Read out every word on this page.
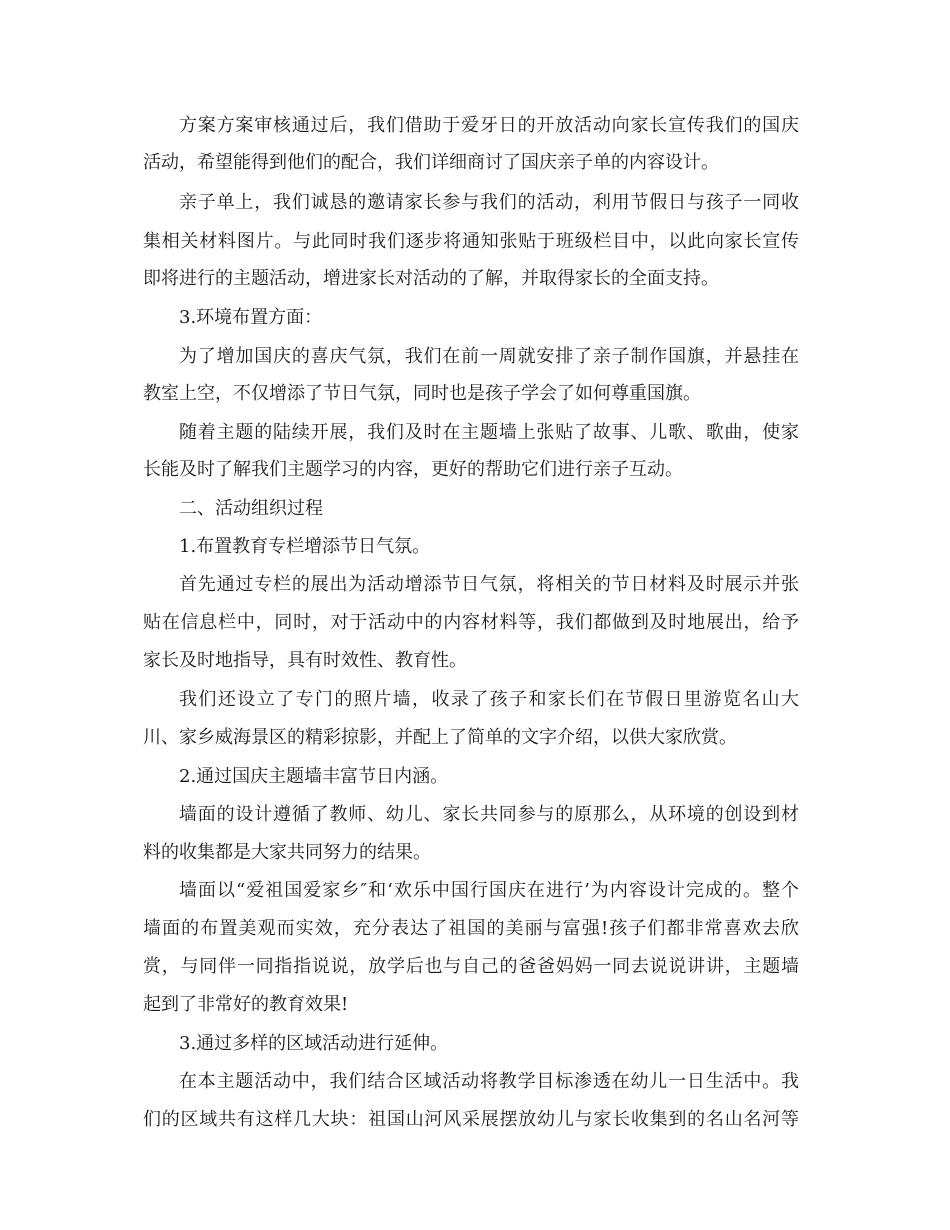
方案方案审核通过后，我们借助于爱牙日的开放活动向家长宣传我们的国庆
活动，希望能得到他们的配合，我们详细商讨了国庆亲子单的内容设计。
亲子单上，我们诚恳的邀请家长参与我们的活动，利用节假日与孩子一同收
集相关材料图片。与此同时我们逐步将通知张贴于班级栏目中，以此向家长宣传
即将进行的主题活动，增进家长对活动的了解，并取得家长的全面支持。
3.环境布置方面：
为了增加国庆的喜庆气氛，我们在前一周就安排了亲子制作国旗，并悬挂在
教室上空，不仅增添了节日气氛，同时也是孩子学会了如何尊重国旗。
随着主题的陆续开展，我们及时在主题墙上张贴了故事、儿歌、歌曲，使家
长能及时了解我们主题学习的内容，更好的帮助它们进行亲子互动。
二、活动组织过程
1.布置教育专栏增添节日气氛。
首先通过专栏的展出为活动增添节日气氛，将相关的节日材料及时展示并张
贴在信息栏中，同时，对于活动中的内容材料等，我们都做到及时地展出，给予
家长及时地指导，具有时效性、教育性。
我们还设立了专门的照片墙，收录了孩子和家长们在节假日里游览名山大
川、家乡威海景区的精彩掠影，并配上了简单的文字介绍，以供大家欣赏。
2.通过国庆主题墙丰富节日内涵。
墙面的设计遵循了教师、幼儿、家长共同参与的原那么，从环境的创设到材
料的收集都是大家共同努力的结果。
墙面以“爱祖国爱家乡″和‘欢乐中国行国庆在进行’为内容设计完成的。整个
墙面的布置美观而实效，充分表达了祖国的美丽与富强!孩子们都非常喜欢去欣
赏，与同伴一同指指说说，放学后也与自己的爸爸妈妈一同去说说讲讲，主题墙
起到了非常好的教育效果!
3.通过多样的区域活动进行延伸。
在本主题活动中，我们结合区域活动将教学目标渗透在幼儿一日生活中。我
们的区域共有这样几大块：祖国山河风采展摆放幼儿与家长收集到的名山名河等
